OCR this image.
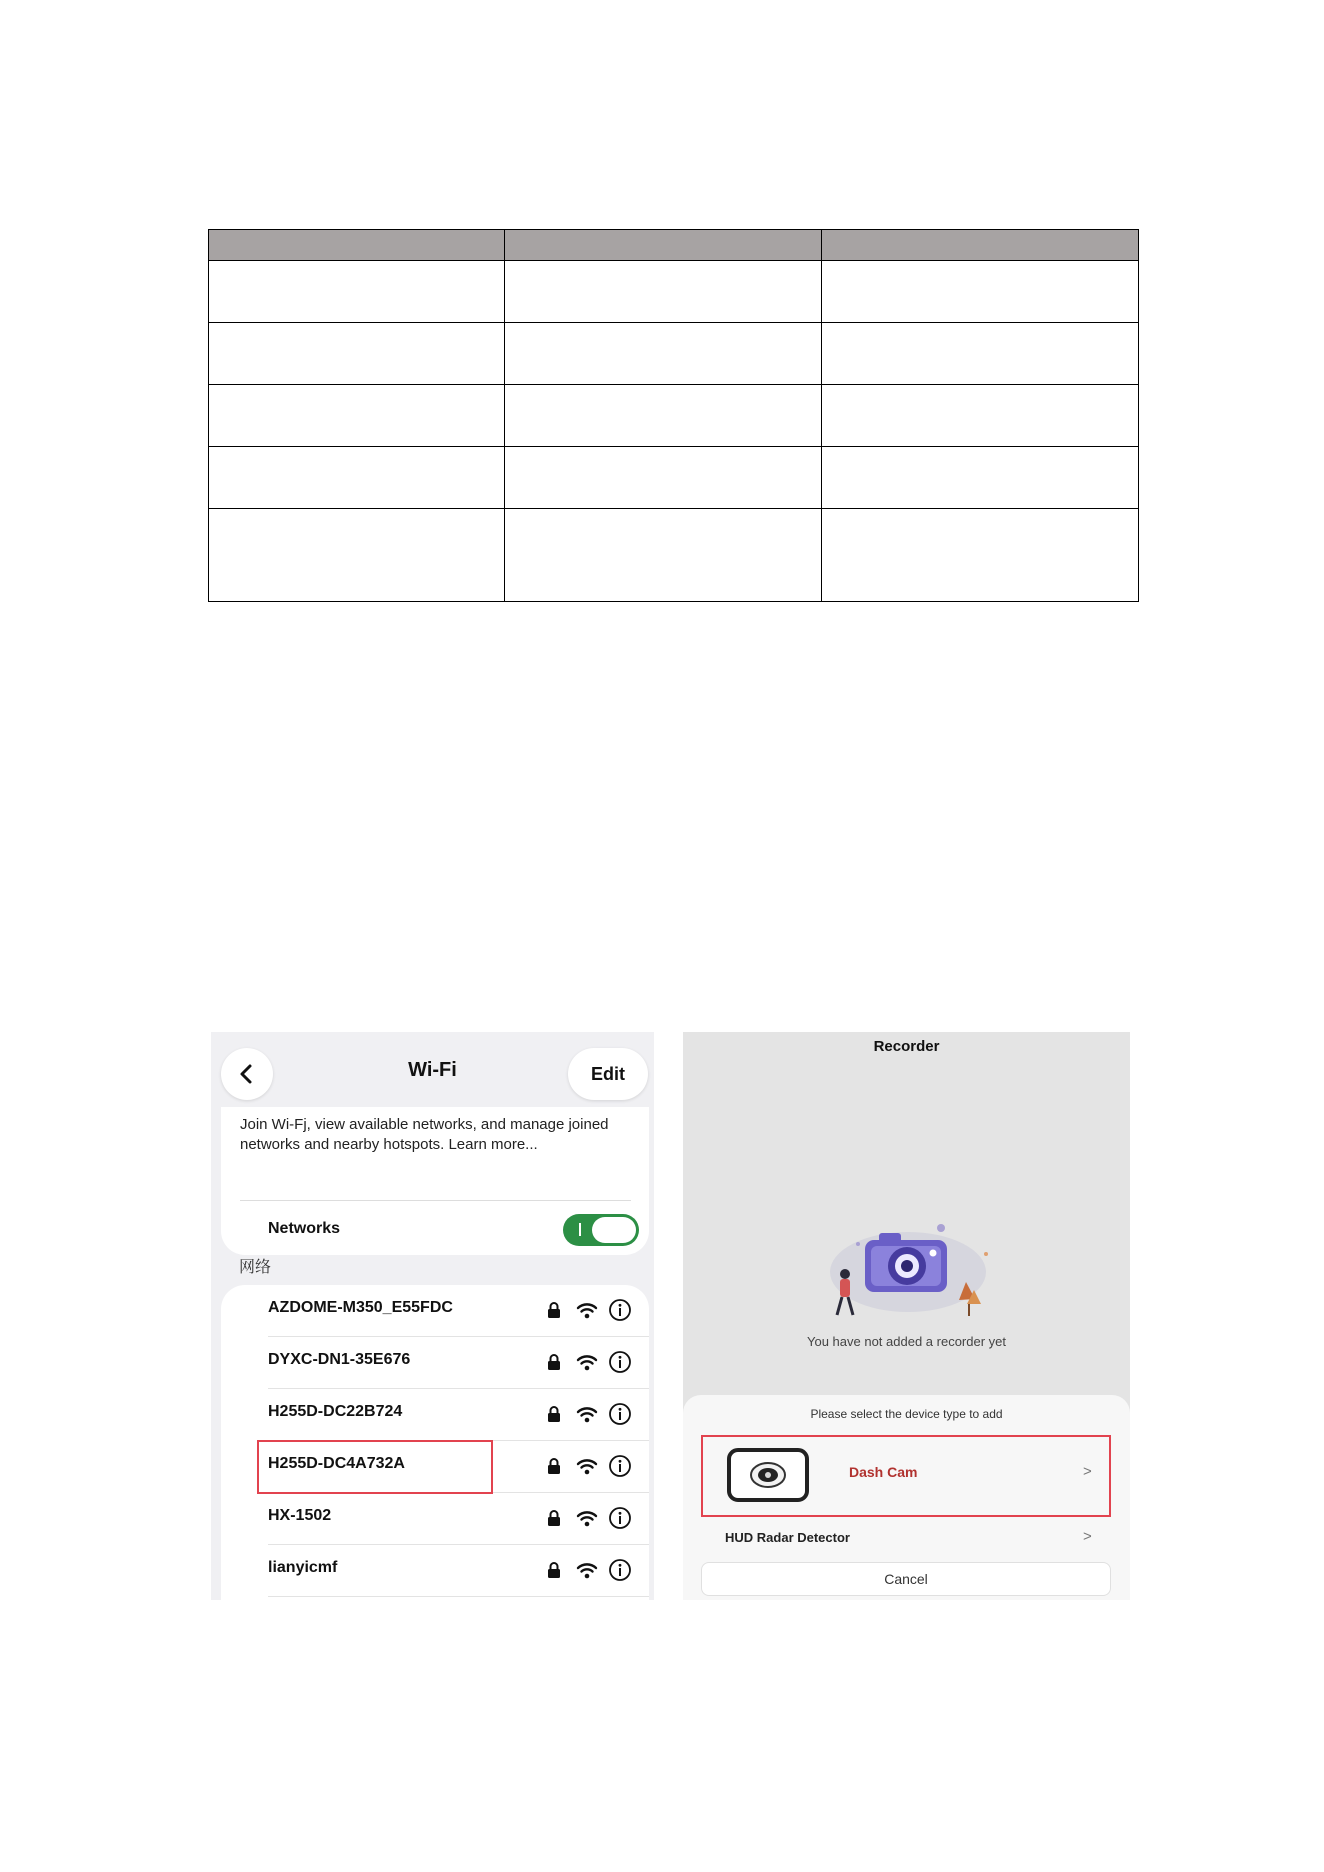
Wi-Fi	Edit
Join Wi-Fj, view available networks, and manage joined networks and nearby hotspots. Learn more...
Networks
网络
AZDOME-M350_E55FDC
DYXC-DN1-35E676
H255D-DC22B724
H255D-DC4A732A
HX-1502
lianyicmf
Recorder
You have not added a recorder yet
Please select the device type to add
Dash Cam	>
HUD Radar Detector	>
Cancel
